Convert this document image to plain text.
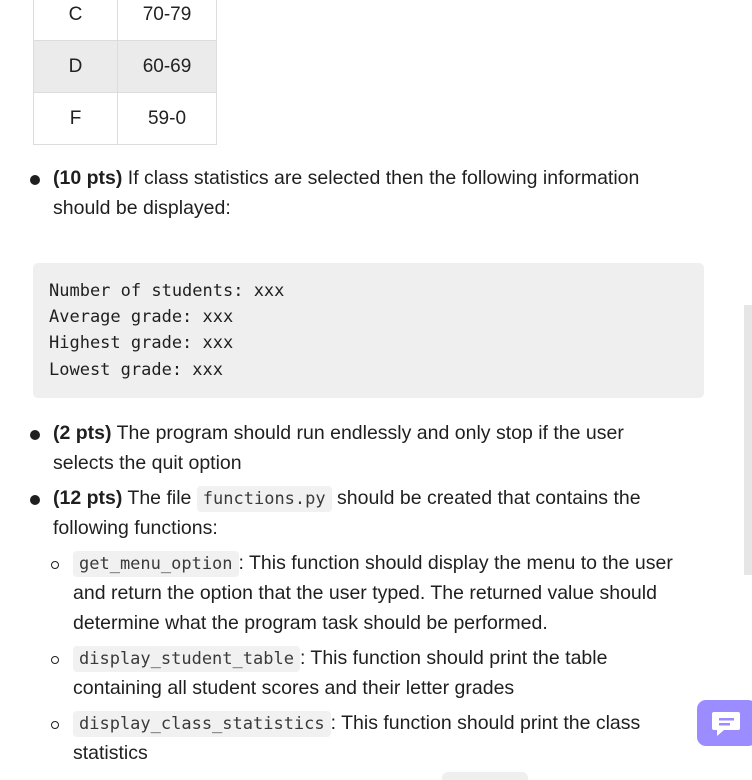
C	70-79
D	60-69
F	59-0
(10 pts) If class statistics are selected then the following information
should be displayed:
Number of students: xxx
Average grade: xxx
Highest grade: xxx
Lowest grade: xxx
(2 pts) The program should run endlessly and only stop if the user
selects the quit option
(12 pts) The file functions.py should be created that contains the
following functions:
get_menu_option : This function should display the menu to the user
and return the option that the user typed. The returned value should
determine what the program task should be performed.
display_student_table : This function should print the table
containing all student scores and their letter grades
display_class_statistics : This function should print the class
statistics
